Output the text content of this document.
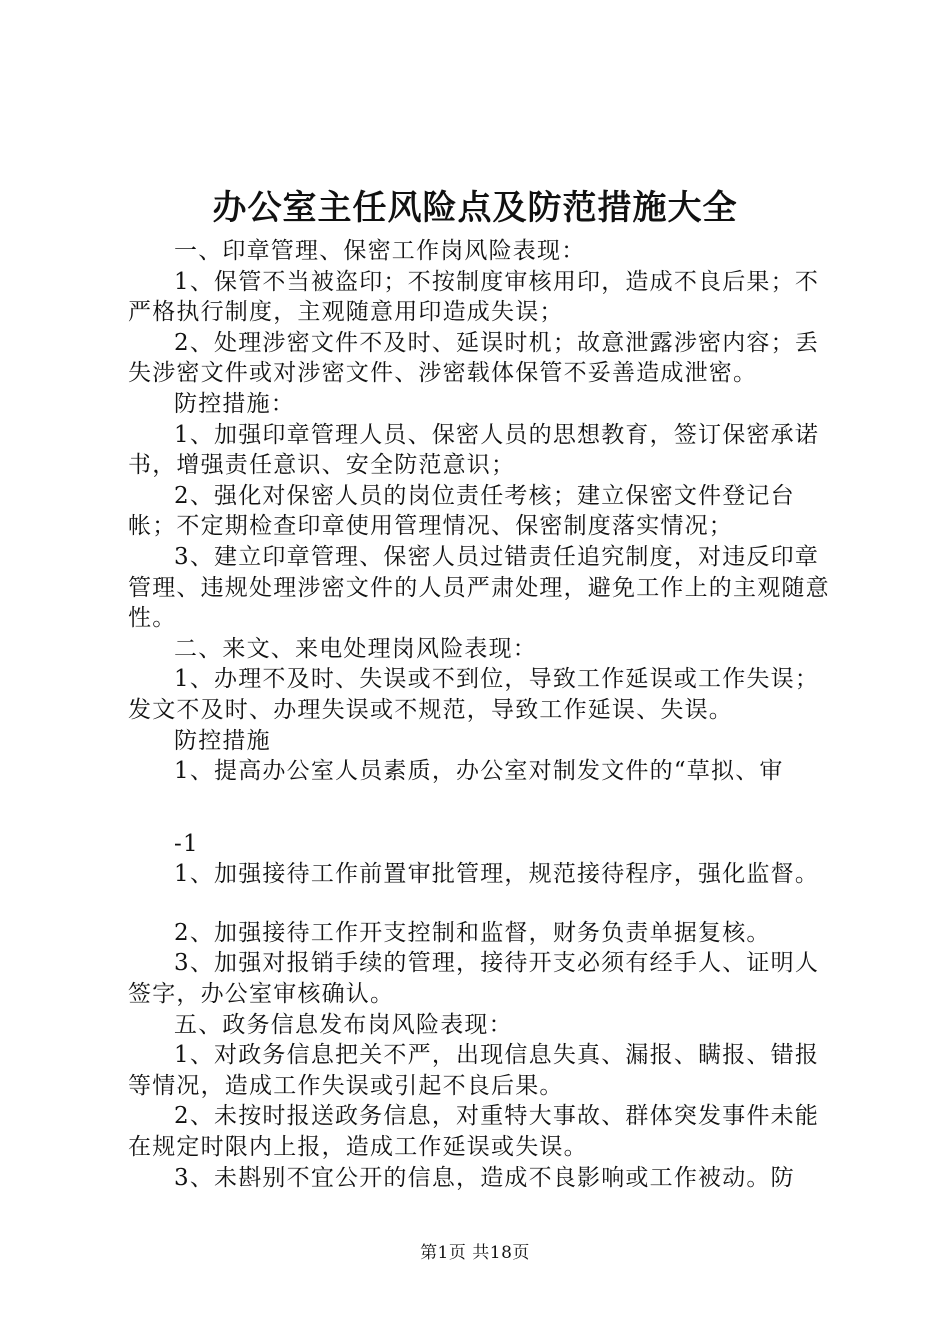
办公室主任风险点及防范措施大全

一、印章管理、保密工作岗风险表现：

1、保管不当被盗印；不按制度审核用印，造成不良后果；不严格执行制度，主观随意用印造成失误；

2、处理涉密文件不及时、延误时机；故意泄露涉密内容；丢失涉密文件或对涉密文件、涉密载体保管不妥善造成泄密。

防控措施：

1、加强印章管理人员、保密人员的思想教育，签订保密承诺书，增强责任意识、安全防范意识；

2、强化对保密人员的岗位责任考核；建立保密文件登记台帐；不定期检查印章使用管理情况、保密制度落实情况；

3、建立印章管理、保密人员过错责任追究制度，对违反印章管理、违规处理涉密文件的人员严肃处理，避免工作上的主观随意性。

二、来文、来电处理岗风险表现：

1、办理不及时、失误或不到位，导致工作延误或工作失误；发文不及时、办理失误或不规范，导致工作延误、失误。

防控措施

1、提高办公室人员素质，办公室对制发文件的“草拟、审

-1

1、加强接待工作前置审批管理，规范接待程序，强化监督。

2、加强接待工作开支控制和监督，财务负责单据复核。

3、加强对报销手续的管理，接待开支必须有经手人、证明人签字，办公室审核确认。

五、政务信息发布岗风险表现：

1、对政务信息把关不严，出现信息失真、漏报、瞒报、错报等情况，造成工作失误或引起不良后果。

2、未按时报送政务信息，对重特大事故、群体突发事件未能在规定时限内上报，造成工作延误或失误。

3、未斟别不宜公开的信息，造成不良影响或工作被动。防

第1页 共18页
